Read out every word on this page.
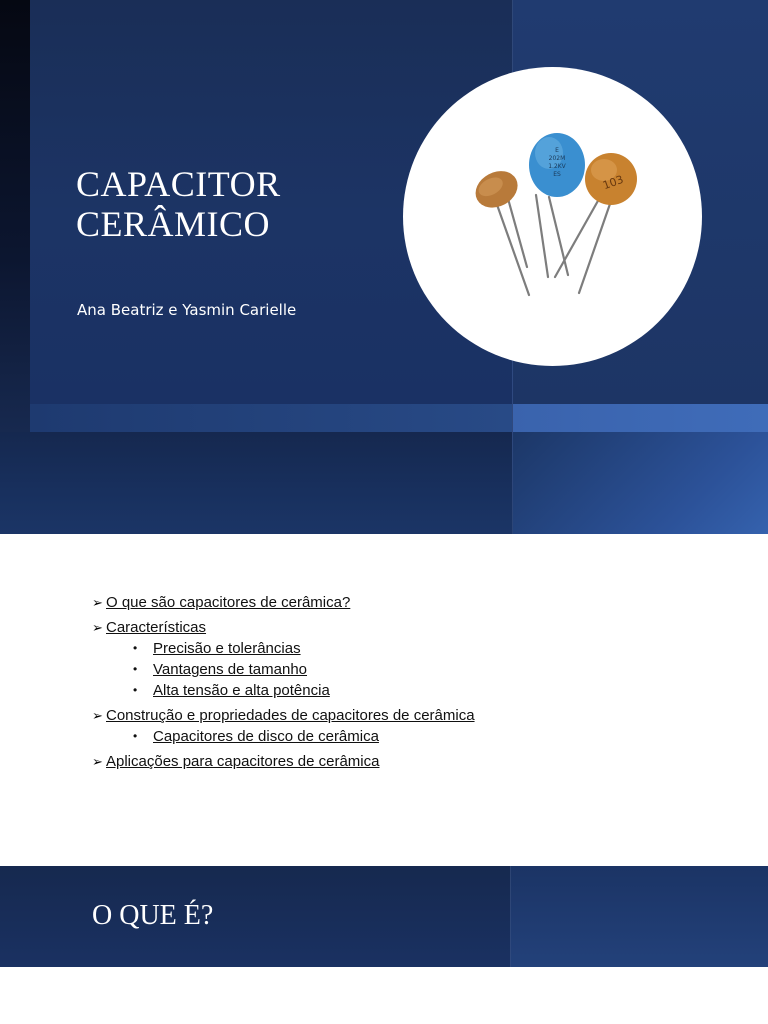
CAPACITOR
CERÂMICO
Ana Beatriz e Yasmin Carielle
E
202M
1.2KV
ES	103
➢ O que são capacitores de cerâmica?
➢ Características
• Precisão e tolerâncias
• Vantagens de tamanho
• Alta tensão e alta potência
➢ Construção e propriedades de capacitores de cerâmica
• Capacitores de disco de cerâmica
➢ Aplicações para capacitores de cerâmica
O QUE É?
